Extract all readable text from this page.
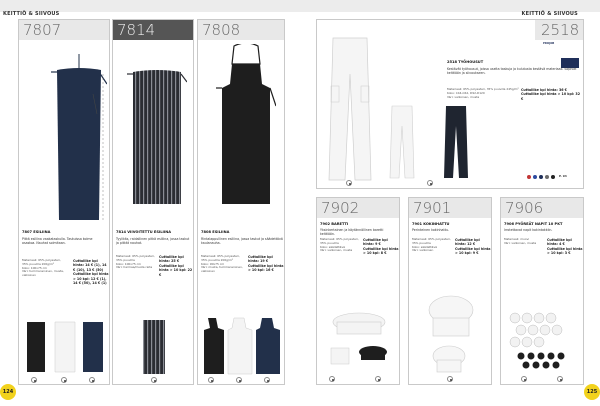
KEITTIÖ & SIIVOUS
7807
7807 ESILIINA
Pitkä esiliina vaakataskulla. Taskuissa kolme osastoa. Nauhat solmitaan.
Materiaali: 65% polyesteri, 35% puuvilla 200g/m²
Koko: 100x75 cm
Väri: tummansininen, musta, valkoinen
Cuttaliike kpl hinta: 14 € (1), 14 € (10), 13 € (50)
Cuttaliike kpl hinta > 10 kpl: 12 € (1), 14 € (50), 14 € (1)
7814
7814 VIIVOITETTU ESILIINA
Tyylikäs, raidallinen pitkä esiliina, jossa taskut ja pitkät nauhat.
Materiaali: 65% polyesteri, 35% puuvilla
Koko: 100x75 cm
Väri: harmaa/musta raita
Cuttaliike kpl hinta: 25 €
Cuttaliike kpl hinta > 10 kpl: 22 €
7808
7808 ESILIINA
Rintalappullinen esiliina, jossa taskut ja säädettävä kaulanauha.
Materiaali: 65% polyesteri, 35% puuvilla 200g/m²
Koko: 90x75 cm
Väri: musta, tummansininen, valkoinen
Cuttaliike kpl hinta: 19 €
Cuttaliike kpl hinta > 10 kpl: 16 €
124
KEITTIÖ & SIIVOUS
2518
PROJOB
2518 TYÖHOUSUT
Kestävät työhousut, joissa useita taskuja ja kulutusta kestävä materiaali. Sopivat keittiöön ja siivoukseen.
Materiaali: 65% polyesteri, 35% puuvilla 245g/m²
Koko: C44-C62, D92-D120
Väri: valkoinen, musta
Cuttaliike kpl hinta: 36 €
Cuttaliike kpl hinta > 10 kpl: 32 €
P. 94
7902
7902 BARETTI
Yksinkertainen ja käytännöllinen baretti keittiöön.
Materiaali: 65% polyesteri, 35% puuvilla
Koko: säädettävä
Väri: valkoinen, musta
Cuttaliike kpl hinta: 9 €
Cuttaliike kpl hinta > 10 kpl: 8 €
7901
7901 KOKINHATTU
Perinteinen kokinhattu.
Materiaali: 65% polyesteri, 35% puuvilla
Koko: säädettävä
Väri: valkoinen
Cuttaliike kpl hinta: 12 €
Cuttaliike kpl hinta > 10 kpl: 9 €
7906
7906 PYÖREÄT NAPIT 10 PKT
Irrotettavat napit kokintakkiin.
Materiaali: muovi
Väri: valkoinen, musta
Cuttaliike kpl hinta: 4 €
Cuttaliike kpl hinta > 10 kpl: 3 €
125
